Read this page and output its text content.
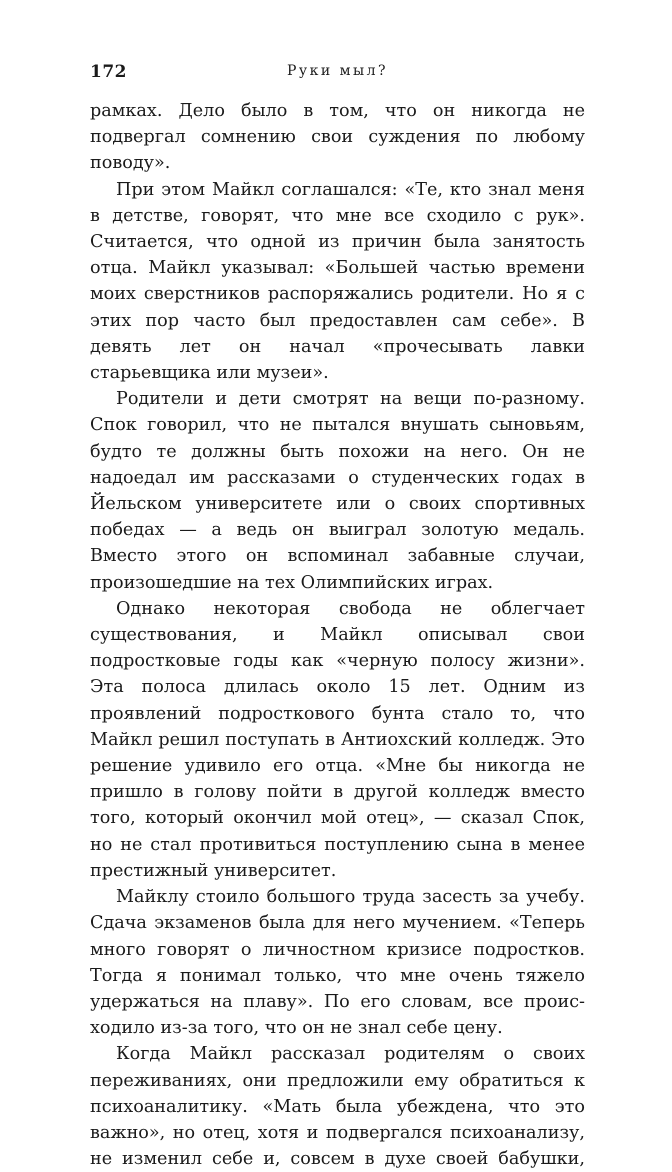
172	Руки мыл?

рамках. Дело было в том, что он никогда не подвергал сомнению свои суждения по любому поводу».

При этом Майкл соглашался: «Те, кто знал меня в детстве, говорят, что мне все сходило с рук». Считается, что одной из причин была занятость отца. Майкл указывал: «Большей частью времени моих сверстников распоряжались родители. Но я с этих пор часто был предоставлен сам себе». В девять лет он начал «прочесывать лавки старьевщика или музеи».

Родители и дети смотрят на вещи по-разному. Спок говорил, что не пытался внушать сыновьям, будто те должны быть похожи на него. Он не надоедал им рассказами о студенческих годах в Йельском университете или о своих спортивных победах — а ведь он выиграл золотую медаль. Вместо этого он вспоминал забавные случаи, произошедшие на тех Олимпийских играх.

Однако некоторая свобода не облегчает существования, и Майкл описывал свои подростковые годы как «черную полосу жизни». Эта полоса длилась около 15 лет. Одним из проявлений подросткового бунта стало то, что Майкл решил поступать в Антиохский колледж. Это решение удивило его отца. «Мне бы никогда не пришло в голову пойти в другой колледж вместо того, который окончил мой отец», — сказал Спок, но не стал противиться поступлению сына в менее престижный университет.

Майклу стоило большого труда засесть за учебу. Сдача экзаменов была для него мучением. «Теперь много говорят о личностном кризисе подростков. Тогда я понимал только, что мне очень тяжело удержаться на плаву». По его словам, все происходило из-за того, что он не знал себе цену.

Когда Майкл рассказал родителям о своих переживаниях, они предложили ему обратиться к психоаналитику. «Мать была убеждена, что это важно», но отец, хотя и подвергался психоанализу, не изменил себе и, совсем в духе своей бабушки,
